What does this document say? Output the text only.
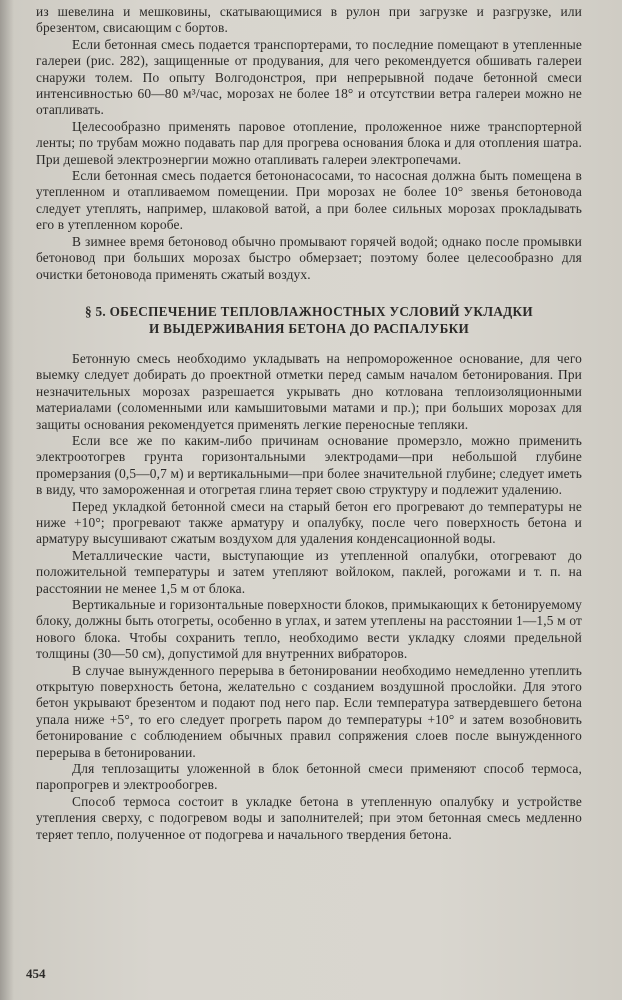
из шевелина и мешковины, скатывающимися в рулон при загрузке и разгрузке, или брезентом, свисающим с бортов.

Если бетонная смесь подается транспортерами, то последние помещают в утепленные галереи (рис. 282), защищенные от продувания, для чего рекомендуется обшивать галереи снаружи толем. По опыту Волгодонстроя, при непрерывной подаче бетонной смеси интенсивностью 60—80 м³/час, морозах не более 18° и отсутствии ветра галереи можно не отапливать.

Целесообразно применять паровое отопление, проложенное ниже транспортерной ленты; по трубам можно подавать пар для прогрева основания блока и для отопления шатра. При дешевой электроэнергии можно отапливать галереи электропечами.

Если бетонная смесь подается бетононасосами, то насосная должна быть помещена в утепленном и отапливаемом помещении. При морозах не более 10° звенья бетоновода следует утеплять, например, шлаковой ватой, а при более сильных морозах прокладывать его в утепленном коробе.

В зимнее время бетоновод обычно промывают горячей водой; однако после промывки бетоновод при больших морозах быстро обмерзает; поэтому более целесообразно для очистки бетоновода применять сжатый воздух.

§ 5. ОБЕСПЕЧЕНИЕ ТЕПЛОВЛАЖНОСТНЫХ УСЛОВИЙ УКЛАДКИ
И ВЫДЕРЖИВАНИЯ БЕТОНА ДО РАСПАЛУБКИ

Бетонную смесь необходимо укладывать на непромороженное основание, для чего выемку следует добирать до проектной отметки перед самым началом бетонирования. При незначительных морозах разрешается укрывать дно котлована теплоизоляционными материалами (соломенными или камышитовыми матами и пр.); при больших морозах для защиты основания рекомендуется применять легкие переносные тепляки.

Если все же по каким-либо причинам основание промерзло, можно применить электроотогрев грунта горизонтальными электродами—при небольшой глубине промерзания (0,5—0,7 м) и вертикальными—при более значительной глубине; следует иметь в виду, что замороженная и отогретая глина теряет свою структуру и подлежит удалению.

Перед укладкой бетонной смеси на старый бетон его прогревают до температуры не ниже +10°; прогревают также арматуру и опалубку, после чего поверхность бетона и арматуру высушивают сжатым воздухом для удаления конденсационной воды.

Металлические части, выступающие из утепленной опалубки, отогревают до положительной температуры и затем утепляют войлоком, паклей, рогожами и т. п. на расстоянии не менее 1,5 м от блока.

Вертикальные и горизонтальные поверхности блоков, примыкающих к бетонируемому блоку, должны быть отогреты, особенно в углах, и затем утеплены на расстоянии 1—1,5 м от нового блока. Чтобы сохранить тепло, необходимо вести укладку слоями предельной толщины (30—50 см), допустимой для внутренних вибраторов.

В случае вынужденного перерыва в бетонировании необходимо немедленно утеплить открытую поверхность бетона, желательно с созданием воздушной прослойки. Для этого бетон укрывают брезентом и подают под него пар. Если температура затвердевшего бетона упала ниже +5°, то его следует прогреть паром до температуры +10° и затем возобновить бетонирование с соблюдением обычных правил сопряжения слоев после вынужденного перерыва в бетонировании.

Для теплозащиты уложенной в блок бетонной смеси применяют способ термоса, паропрогрев и электрообогрев.

Способ термоса состоит в укладке бетона в утепленную опалубку и устройстве утепления сверху, с подогревом воды и заполнителей; при этом бетонная смесь медленно теряет тепло, полученное от подогрева и начального твердения бетона.

454
